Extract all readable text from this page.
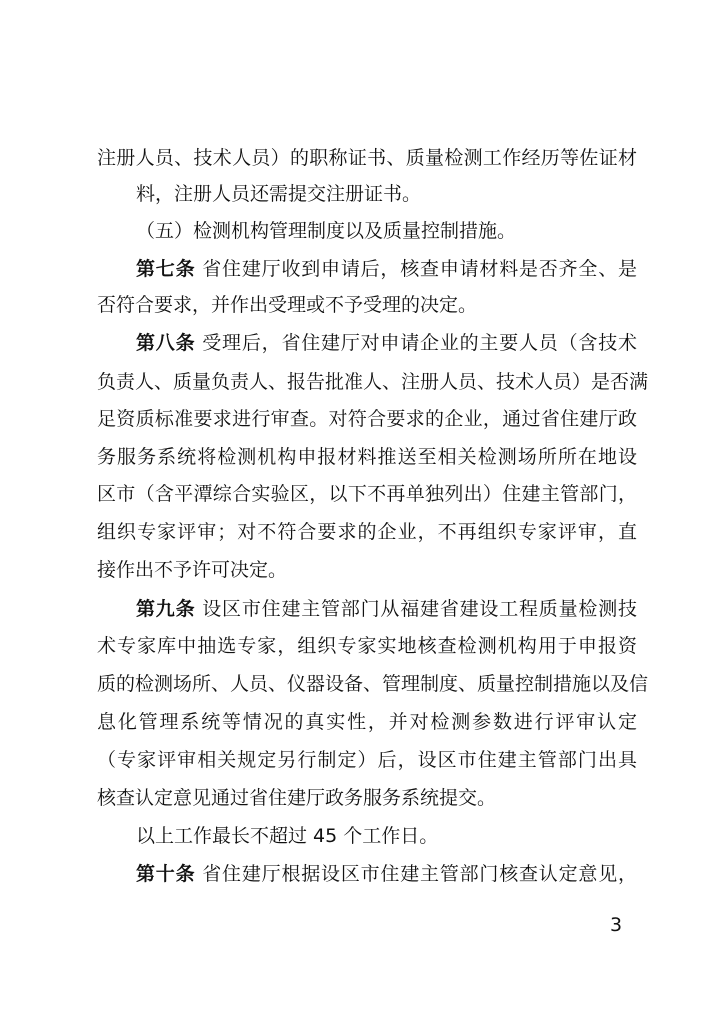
注册人员、技术人员）的职称证书、质量检测工作经历等佐证材
料，注册人员还需提交注册证书。
（五）检测机构管理制度以及质量控制措施。
第七条 省住建厅收到申请后，核查申请材料是否齐全、是
否符合要求，并作出受理或不予受理的决定。
第八条 受理后，省住建厅对申请企业的主要人员（含技术
负责人、质量负责人、报告批准人、注册人员、技术人员）是否满
足资质标准要求进行审查。对符合要求的企业，通过省住建厅政
务服务系统将检测机构申报材料推送至相关检测场所所在地设
区市（含平潭综合实验区，以下不再单独列出）住建主管部门，
组织专家评审；对不符合要求的企业，不再组织专家评审，直
接作出不予许可决定。
第九条 设区市住建主管部门从福建省建设工程质量检测技
术专家库中抽选专家，组织专家实地核查检测机构用于申报资
质的检测场所、人员、仪器设备、管理制度、质量控制措施以及信
息化管理系统等情况的真实性，并对检测参数进行评审认定
（专家评审相关规定另行制定）后，设区市住建主管部门出具
核查认定意见通过省住建厅政务服务系统提交。
以上工作最长不超过 45 个工作日。
第十条 省住建厅根据设区市住建主管部门核查认定意见，
3
